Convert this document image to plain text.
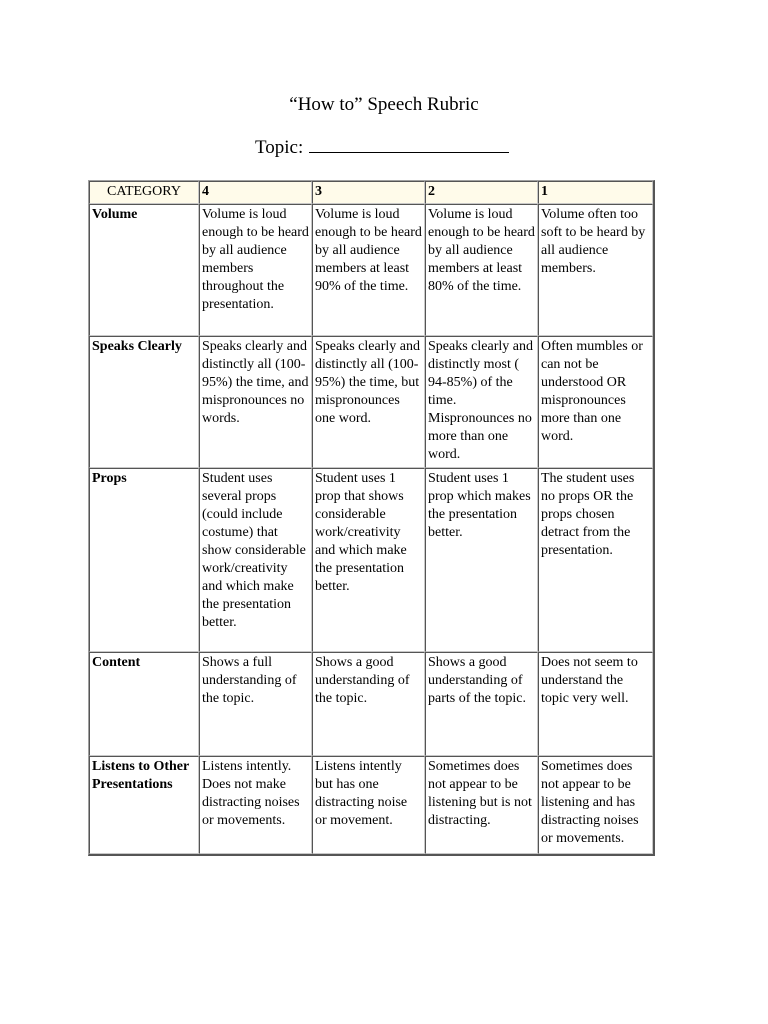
“How to” Speech Rubric
Topic:
CATEGORY	4	3	2	1
Volume	Volume is loud enough to be heard by all audience members throughout the presentation.	Volume is loud enough to be heard by all audience members at least 90% of the time.	Volume is loud enough to be heard by all audience members at least 80% of the time.	Volume often too soft to be heard by all audience members.
Speaks Clearly	Speaks clearly and distinctly all (100-95%) the time, and mispronounces no words.	Speaks clearly and distinctly all (100-95%) the time, but mispronounces one word.	Speaks clearly and distinctly most ( 94-85%) of the time. Mispronounces no more than one word.	Often mumbles or can not be understood OR mispronounces more than one word.
Props	Student uses several props (could include costume) that show considerable work/creativity and which make the presentation better.	Student uses 1 prop that shows considerable work/creativity and which make the presentation better.	Student uses 1 prop which makes the presentation better.	The student uses no props OR the props chosen detract from the presentation.
Content	Shows a full understanding of the topic.	Shows a good understanding of the topic.	Shows a good understanding of parts of the topic.	Does not seem to understand the topic very well.
Listens to Other Presentations	Listens intently. Does not make distracting noises or movements.	Listens intently but has one distracting noise or movement.	Sometimes does not appear to be listening but is not distracting.	Sometimes does not appear to be listening and has distracting noises or movements.
